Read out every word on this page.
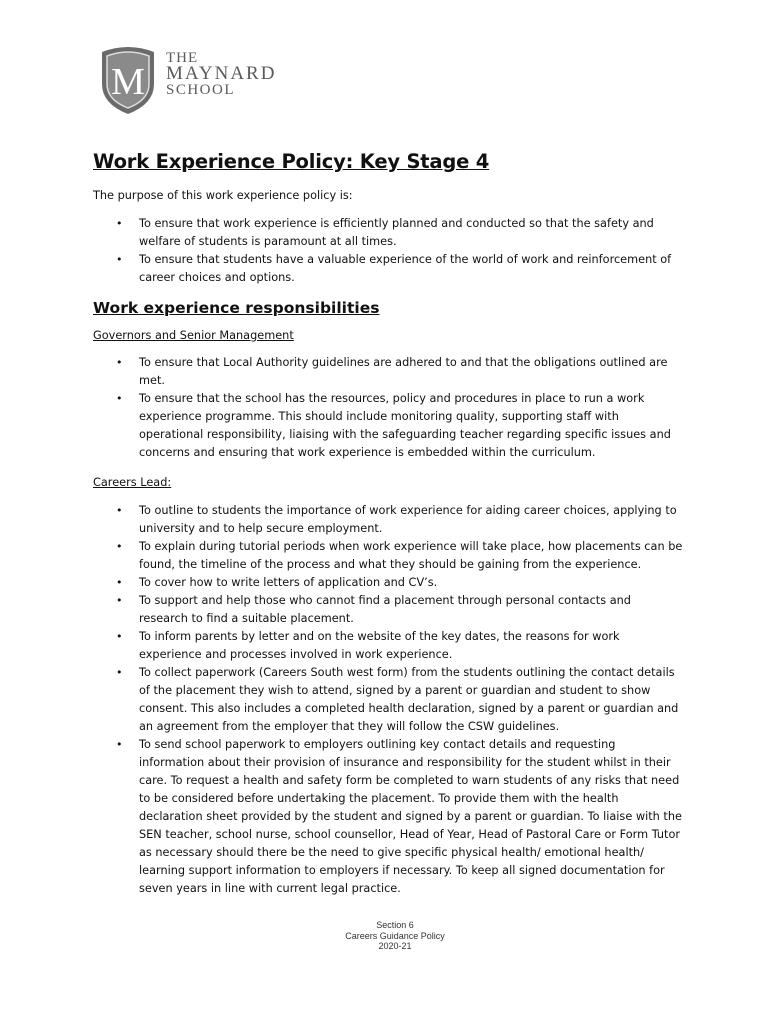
M
THE
MAYNARD
SCHOOL
Work Experience Policy: Key Stage 4

The purpose of this work experience policy is:

• To ensure that work experience is efficiently planned and conducted so that the safety and welfare of students is paramount at all times.
• To ensure that students have a valuable experience of the world of work and reinforcement of career choices and options.
Work experience responsibilities
Governors and Senior Management
• To ensure that Local Authority guidelines are adhered to and that the obligations outlined are met.
• To ensure that the school has the resources, policy and procedures in place to run a work experience programme. This should include monitoring quality, supporting staff with operational responsibility, liaising with the safeguarding teacher regarding specific issues and concerns and ensuring that work experience is embedded within the curriculum.
Careers Lead:
• To outline to students the importance of work experience for aiding career choices, applying to university and to help secure employment.
• To explain during tutorial periods when work experience will take place, how placements can be found, the timeline of the process and what they should be gaining from the experience.
• To cover how to write letters of application and CV’s.
• To support and help those who cannot find a placement through personal contacts and research to find a suitable placement.
• To inform parents by letter and on the website of the key dates, the reasons for work experience and processes involved in work experience.
• To collect paperwork (Careers South west form) from the students outlining the contact details of the placement they wish to attend, signed by a parent or guardian and student to show consent. This also includes a completed health declaration, signed by a parent or guardian and an agreement from the employer that they will follow the CSW guidelines.
• To send school paperwork to employers outlining key contact details and requesting information about their provision of insurance and responsibility for the student whilst in their care. To request a health and safety form be completed to warn students of any risks that need to be considered before undertaking the placement. To provide them with the health declaration sheet provided by the student and signed by a parent or guardian. To liaise with the SEN teacher, school nurse, school counsellor, Head of Year, Head of Pastoral Care or Form Tutor as necessary should there be the need to give specific physical health/ emotional health/ learning support information to employers if necessary. To keep all signed documentation for seven years in line with current legal practice.
Section 6
Careers Guidance Policy
2020-21
